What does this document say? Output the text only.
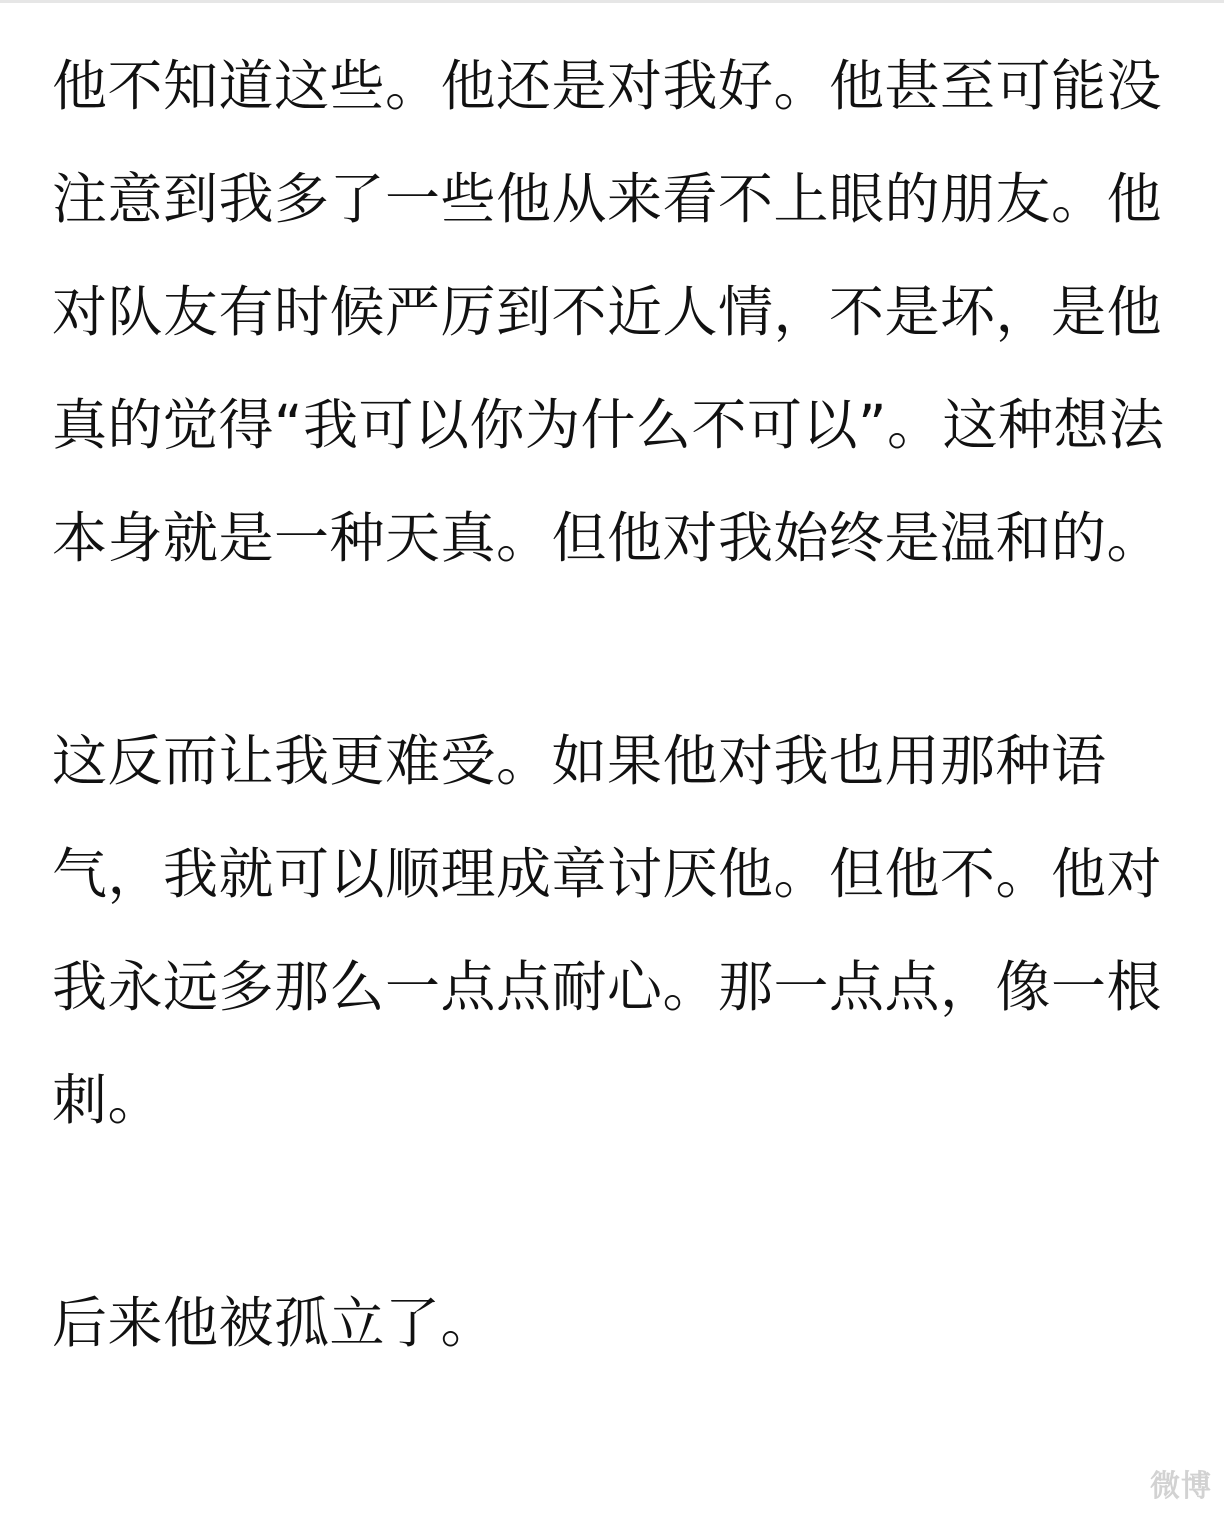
他不知道这些。他还是对我好。他甚至可能没注意到我多了一些他从来看不上眼的朋友。他对队友有时候严厉到不近人情，不是坏，是他真的觉得“我可以你为什么不可以”。这种想法本身就是一种天真。但他对我始终是温和的。

这反而让我更难受。如果他对我也用那种语气，我就可以顺理成章讨厌他。但他不。他对我永远多那么一点点耐心。那一点点，像一根刺。

后来他被孤立了。

微博
